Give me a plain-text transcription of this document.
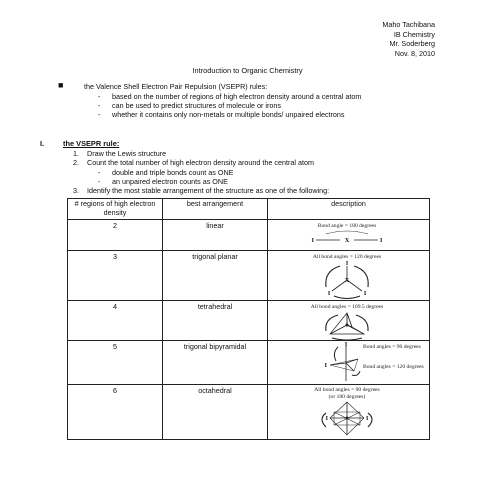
Maho Tachibana
IB Chemistry
Mr. Soderberg
Nov. 8, 2010
Introduction to Organic Chemistry
■	the Valence Shell Electron Pair Repulsion (VSEPR) rules:
- based on the number of regions of high electron density around a central atom
- can be used to predict structures of molecule or irons
- whether it contains only non-metals or multiple bonds/ unpaired electrons
I.	the VSEPR rule:
1. Draw the Lewis structure
2. Count the total number of high electron density around the central atom
- double and triple bonds count as ONE
- an unpaired electron counts as ONE
3. Identify the most stable arrangement of the structure as one of the following:
# regions of high electron density	best arrangement	description
2	linear	Bond angle = 180 degrees
I X I

3	trigonal planar	All bond angles = 120 degrees
X
I
I I

4	tetrahedral	All bond angles = 109.5 degrees

5	trigonal bipyramidal	Bond angles = 90 degrees
Bond angles = 120 degrees
I
I

6	octahedral	All bond angles = 90 degrees
(or 180 degrees)
I I
